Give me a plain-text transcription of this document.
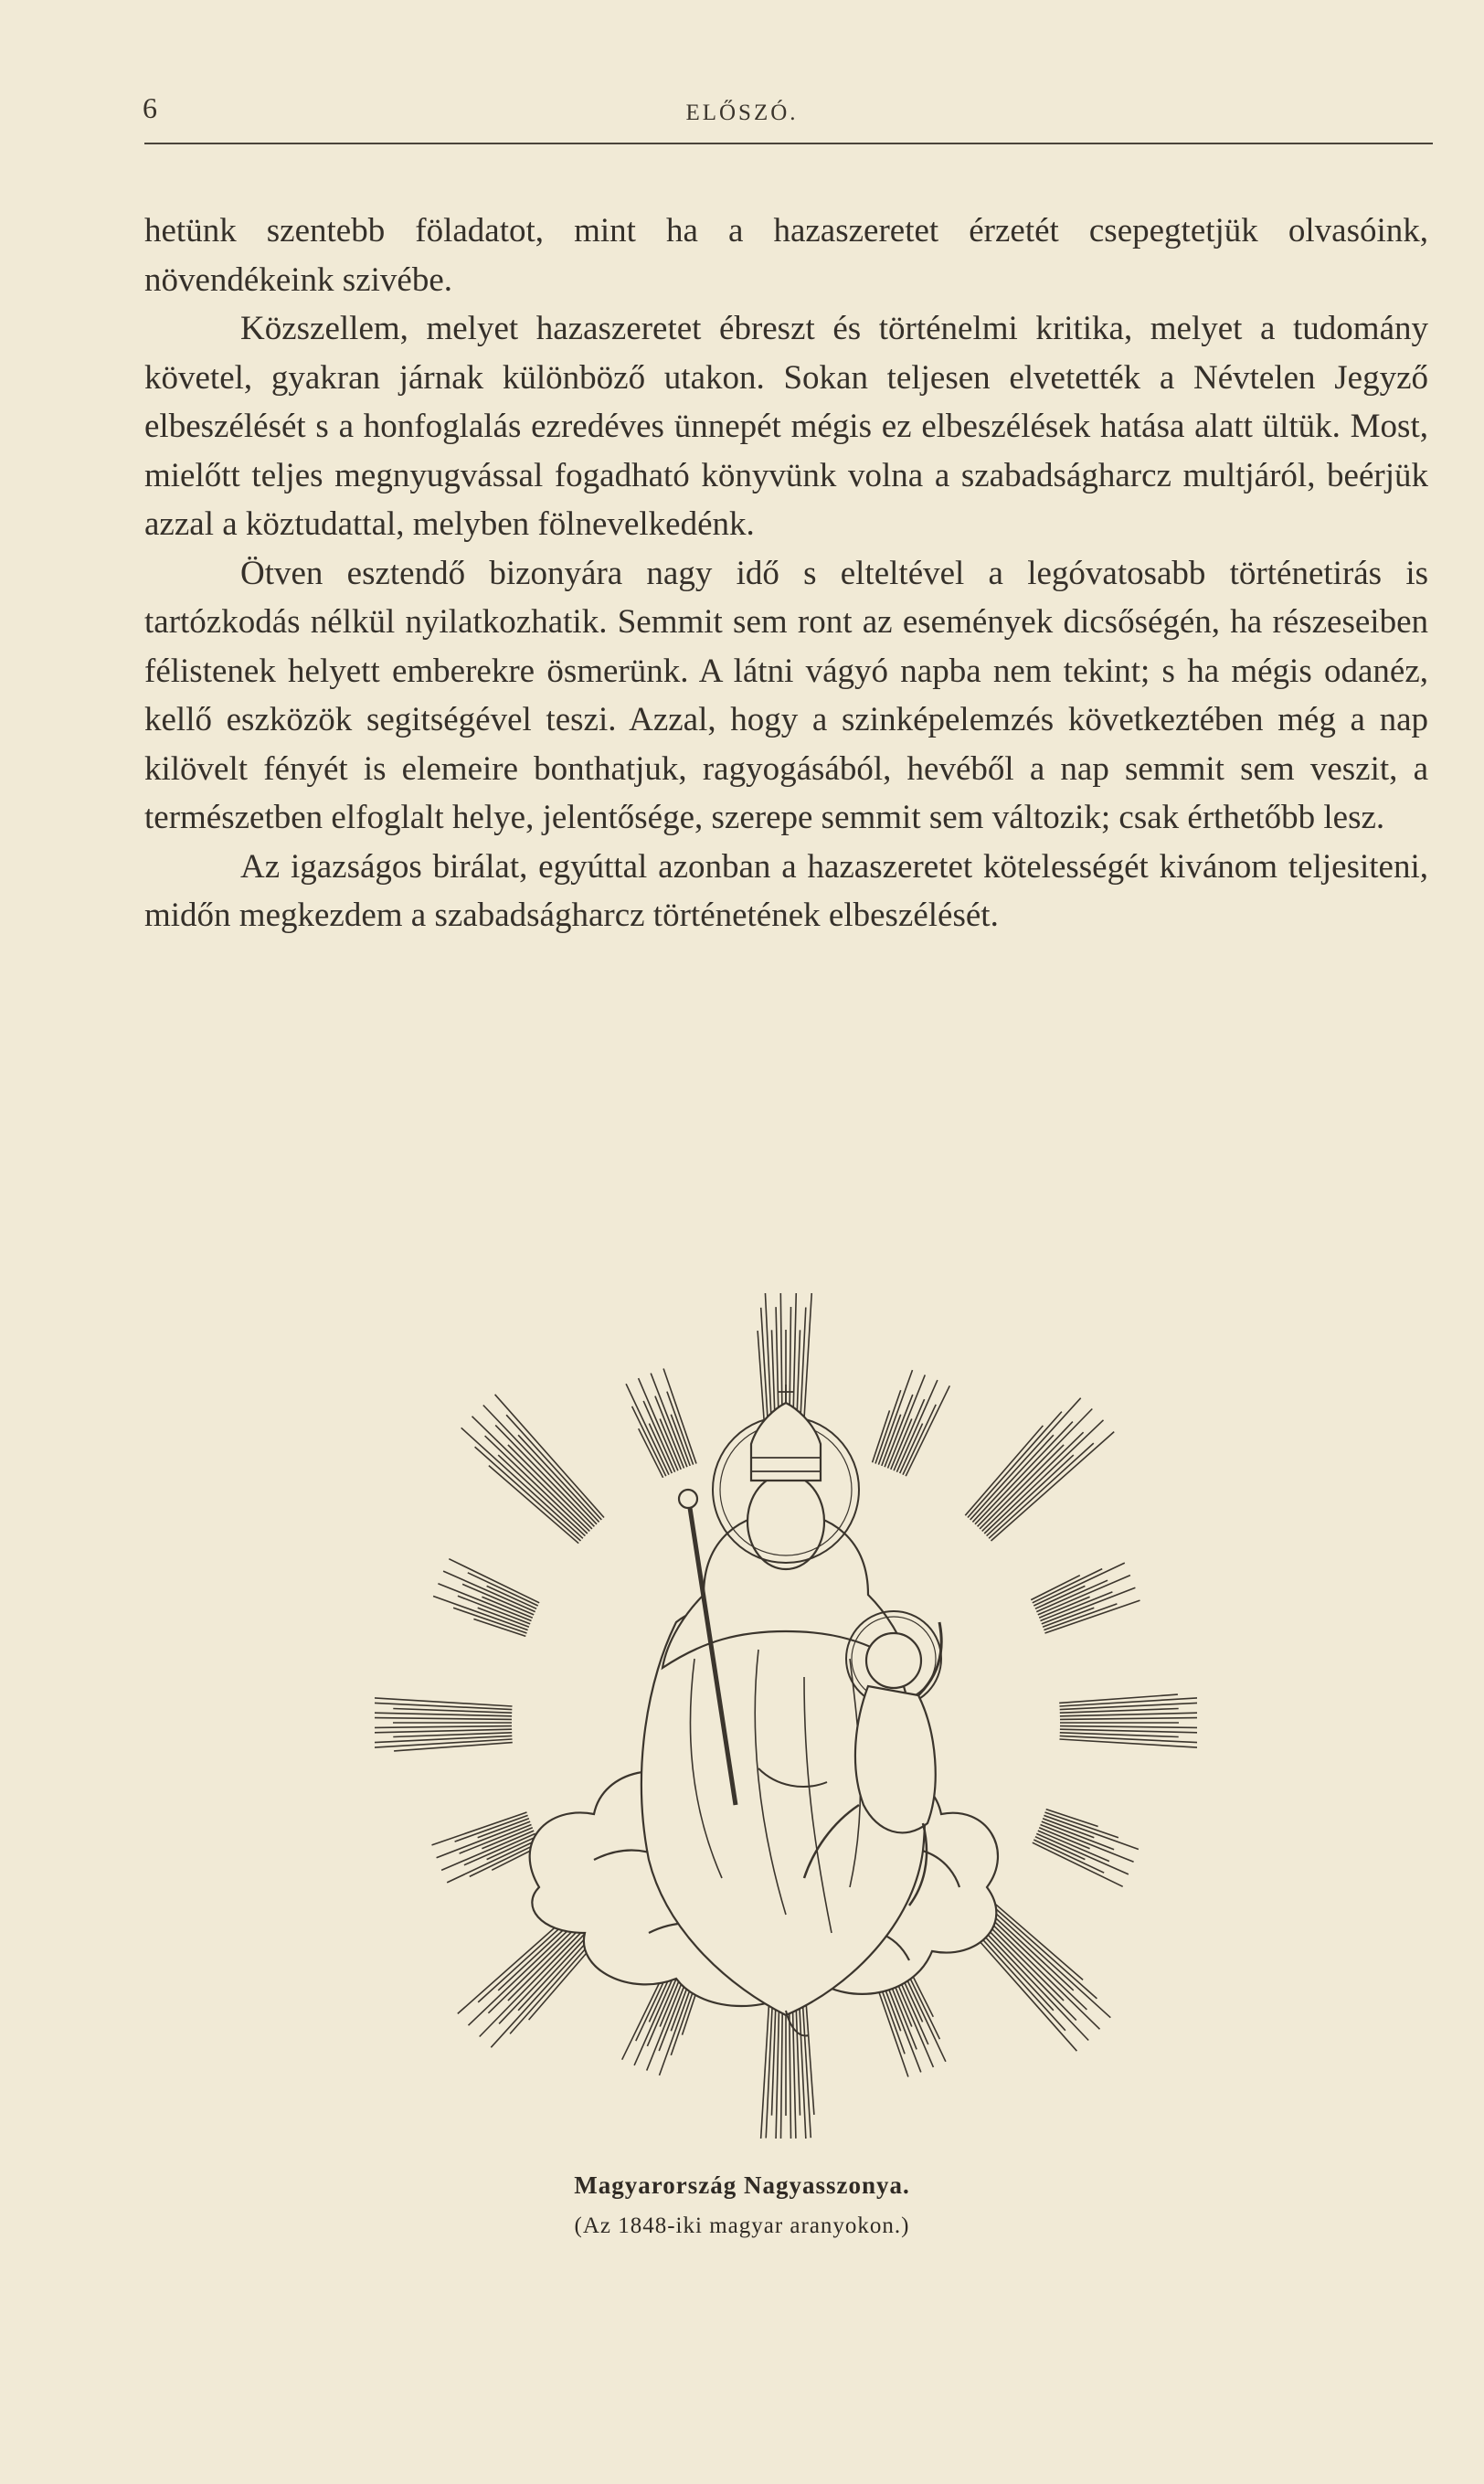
6	ELŐSZÓ.

hetünk szentebb föladatot, mint ha a hazaszeretet érzetét csepegtetjük olvasóink, növendékeink szivébe.

Közszellem, melyet hazaszeretet ébreszt és történelmi kritika, melyet a tudomány követel, gyakran járnak különböző utakon. Sokan teljesen elvetették a Névtelen Jegyző elbeszélését s a honfoglalás ezredéves ünnepét mégis ez elbeszélések hatása alatt ültük. Most, mielőtt teljes megnyugvással fogadható könyvünk volna a szabadságharcz multjáról, beérjük azzal a köztudattal, melyben fölnevelkedénk.

Ötven esztendő bizonyára nagy idő s elteltével a legóvatosabb történetirás is tartózkodás nélkül nyilatkozhatik. Semmit sem ront az események dicsőségén, ha részeseiben félistenek helyett emberekre ösmerünk. A látni vágyó napba nem tekint; s ha mégis odanéz, kellő eszközök segitségével teszi. Azzal, hogy a szinképelemzés következtében még a nap kilövelt fényét is elemeire bonthatjuk, ragyogásából, hevéből a nap semmit sem veszit, a természetben elfoglalt helye, jelentősége, szerepe semmit sem változik; csak érthetőbb lesz.

Az igazságos birálat, egyúttal azonban a hazaszeretet kötelességét kivánom teljesiteni, midőn megkezdem a szabadságharcz történetének elbeszélését.

Magyarország Nagyasszonya.
(Az 1848-iki magyar aranyokon.)
